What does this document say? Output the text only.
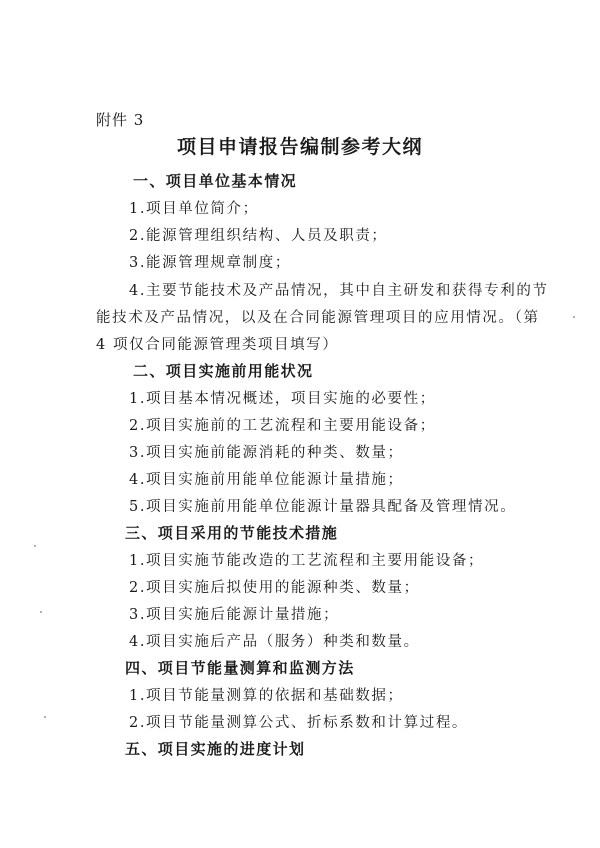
附件 3
项目申请报告编制参考大纲
一、项目单位基本情况
1.项目单位简介；
2.能源管理组织结构、人员及职责；
3.能源管理规章制度；
4.主要节能技术及产品情况，其中自主研发和获得专利的节
能技术及产品情况，以及在合同能源管理项目的应用情况。（第
4 项仅合同能源管理类项目填写）
二、项目实施前用能状况
1.项目基本情况概述，项目实施的必要性；
2.项目实施前的工艺流程和主要用能设备；
3.项目实施前能源消耗的种类、数量；
4.项目实施前用能单位能源计量措施；
5.项目实施前用能单位能源计量器具配备及管理情况。
三、项目采用的节能技术措施
1.项目实施节能改造的工艺流程和主要用能设备；
2.项目实施后拟使用的能源种类、数量；
3.项目实施后能源计量措施；
4.项目实施后产品（服务）种类和数量。
四、项目节能量测算和监测方法
1.项目节能量测算的依据和基础数据；
2.项目节能量测算公式、折标系数和计算过程。
五、项目实施的进度计划
